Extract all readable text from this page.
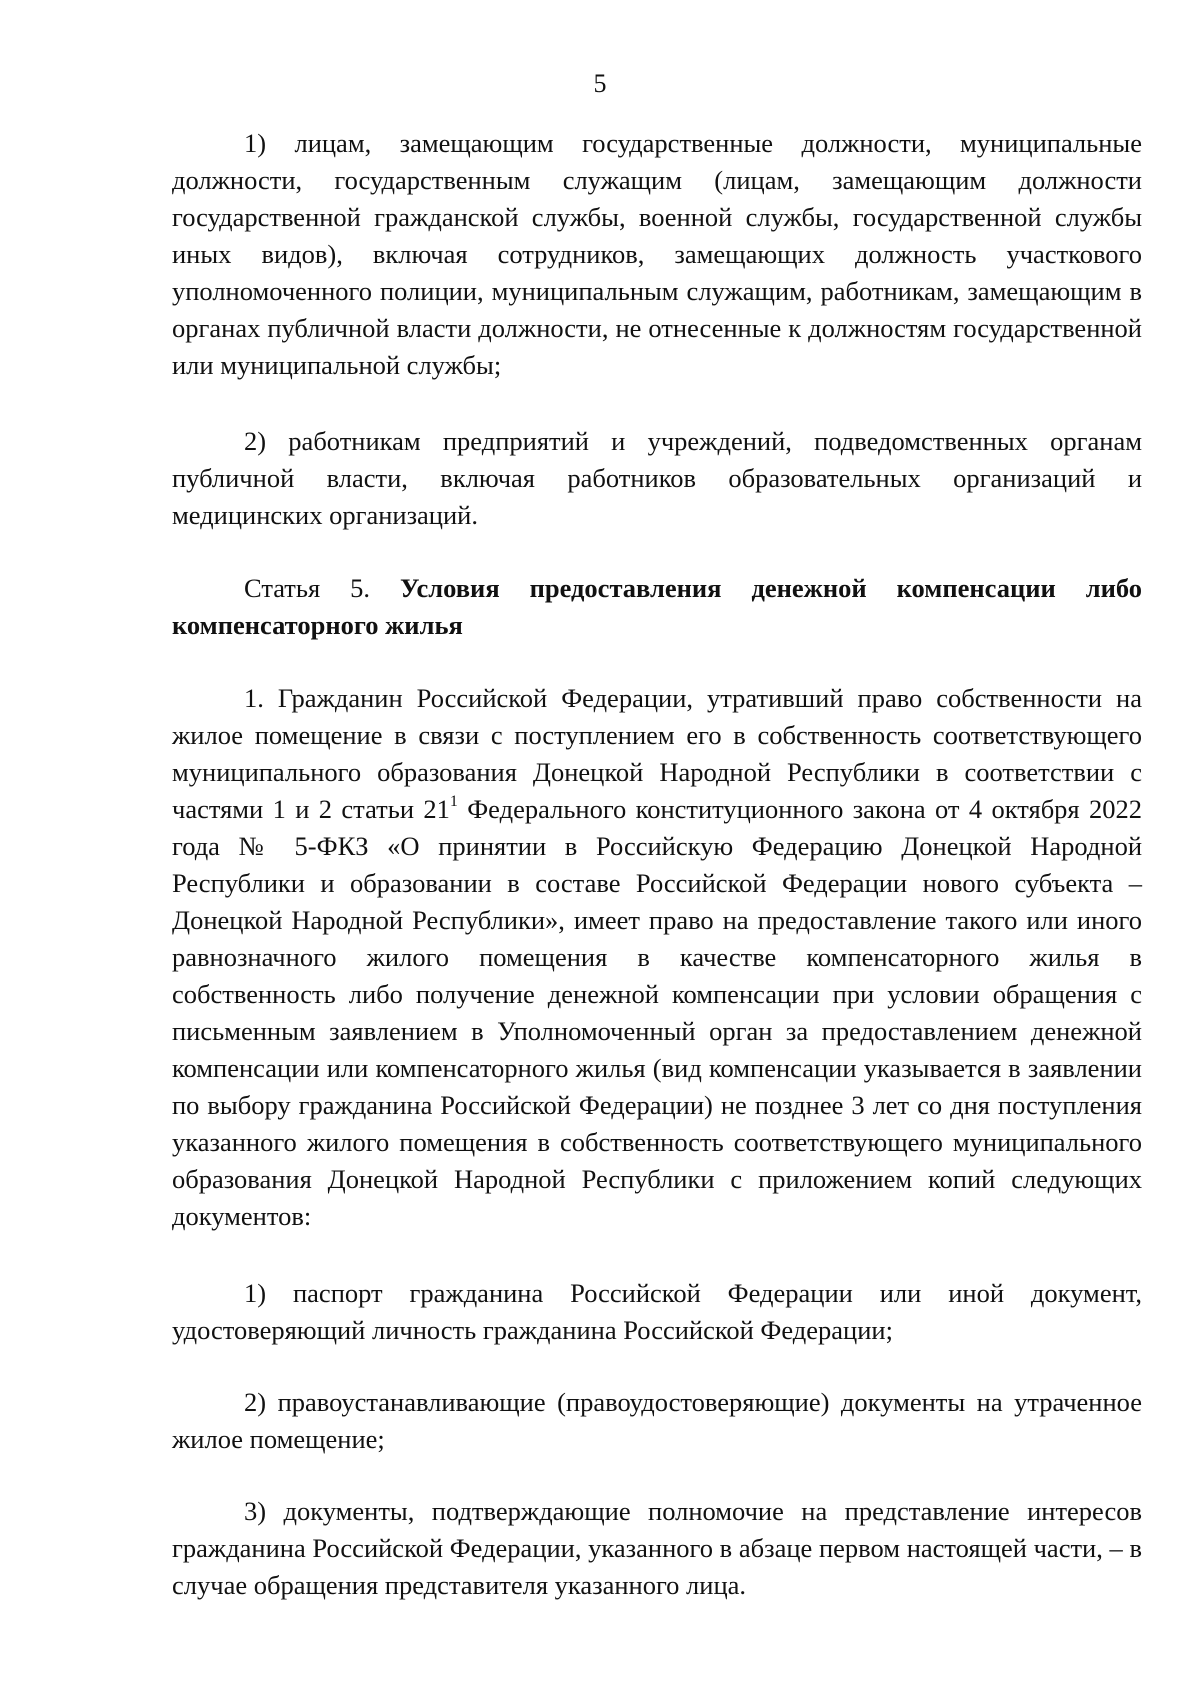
5

1) лицам, замещающим государственные должности, муниципальные должности, государственным служащим (лицам, замещающим должности государственной гражданской службы, военной службы, государственной службы иных видов), включая сотрудников, замещающих должность участкового уполномоченного полиции, муниципальным служащим, работникам, замещающим в органах публичной власти должности, не отнесенные к должностям государственной или муниципальной службы;

2) работникам предприятий и учреждений, подведомственных органам публичной власти, включая работников образовательных организаций и медицинских организаций.

Статья 5. Условия предоставления денежной компенсации либо компенсаторного жилья

1. Гражданин Российской Федерации, утративший право собственности на жилое помещение в связи с поступлением его в собственность соответствующего муниципального образования Донецкой Народной Республики в соответствии с частями 1 и 2 статьи $21^1$ Федерального конституционного закона от 4 октября 2022 года № 5-ФКЗ «О принятии в Российскую Федерацию Донецкой Народной Республики и образовании в составе Российской Федерации нового субъекта – Донецкой Народной Республики», имеет право на предоставление такого или иного равнозначного жилого помещения в качестве компенсаторного жилья в собственность либо получение денежной компенсации при условии обращения с письменным заявлением в Уполномоченный орган за предоставлением денежной компенсации или компенсаторного жилья (вид компенсации указывается в заявлении по выбору гражданина Российской Федерации) не позднее 3 лет со дня поступления указанного жилого помещения в собственность соответствующего муниципального образования Донецкой Народной Республики с приложением копий следующих документов:

1) паспорт гражданина Российской Федерации или иной документ, удостоверяющий личность гражданина Российской Федерации;

2) правоустанавливающие (правоудостоверяющие) документы на утраченное жилое помещение;

3) документы, подтверждающие полномочие на представление интересов гражданина Российской Федерации, указанного в абзаце первом настоящей части, – в случае обращения представителя указанного лица.
